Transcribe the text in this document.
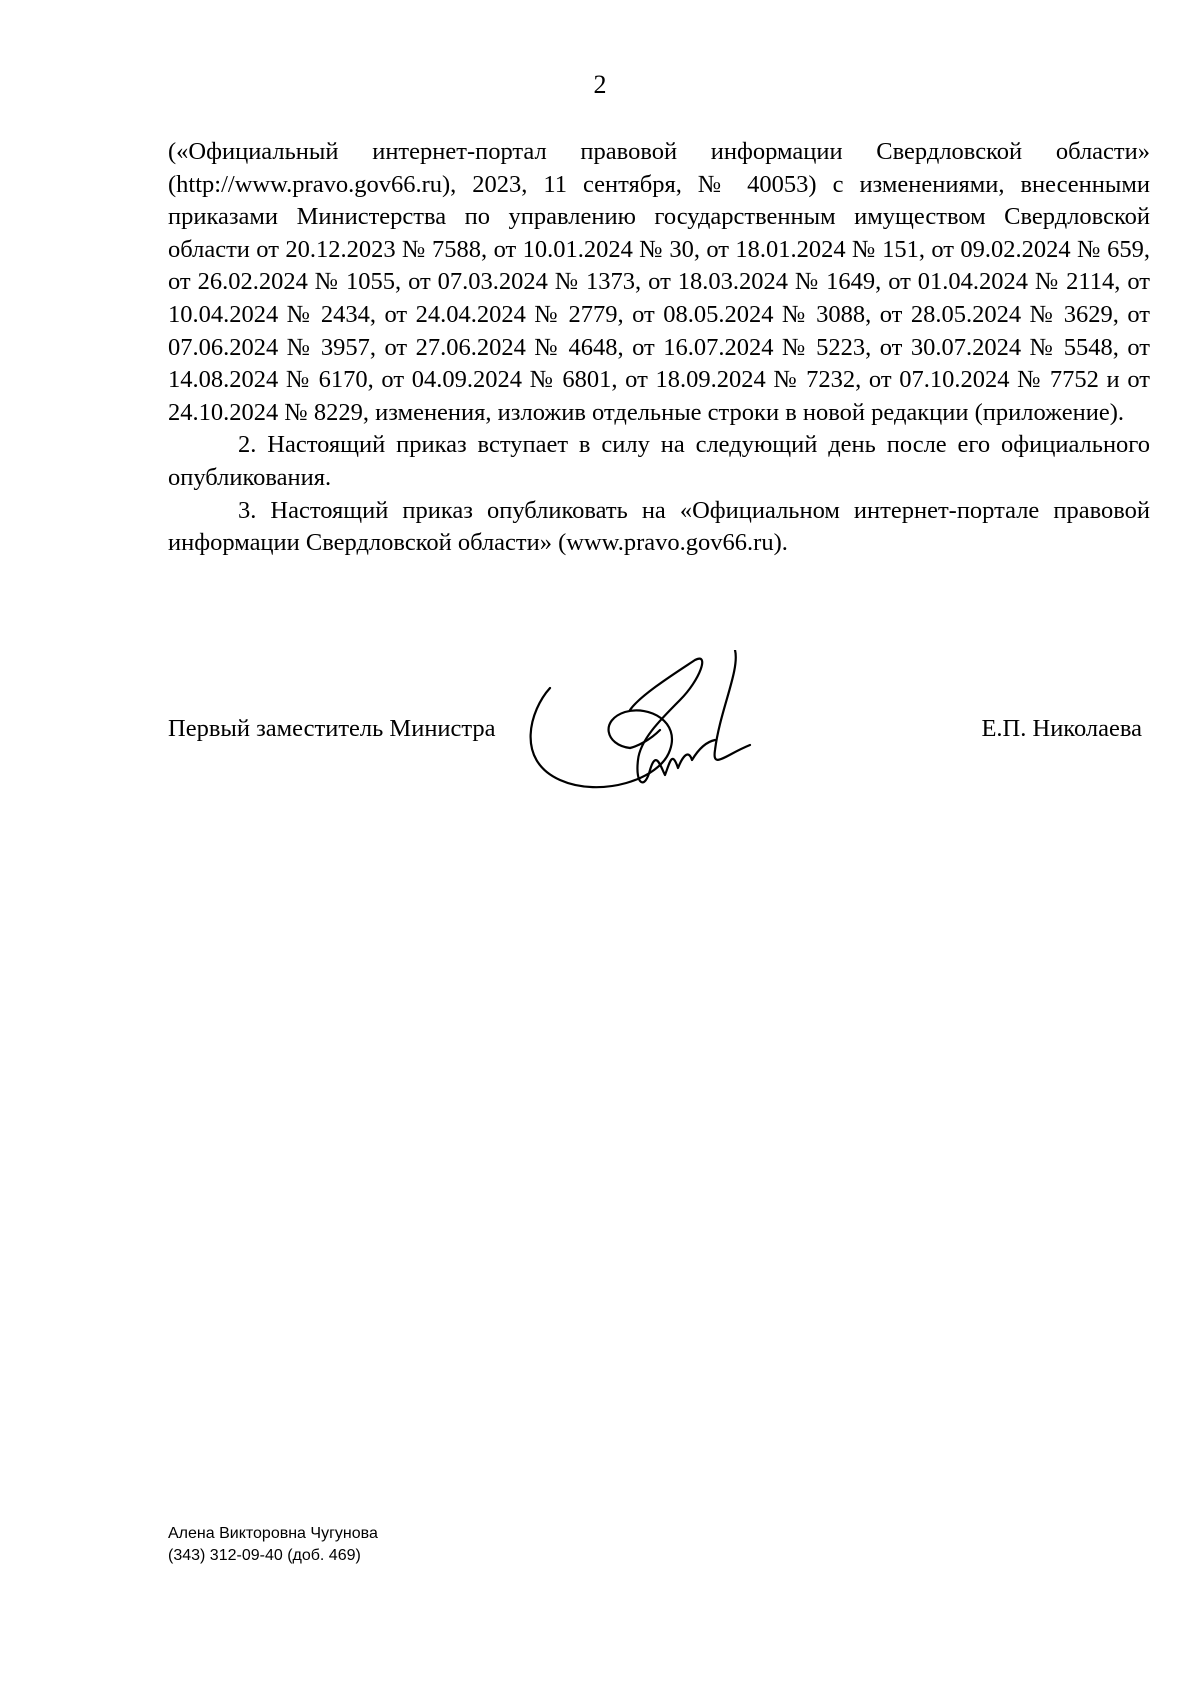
2

(«Официальный интернет-портал правовой информации Свердловской области» (http://www.pravo.gov66.ru), 2023, 11 сентября, № 40053) с изменениями, внесенными приказами Министерства по управлению государственным имуществом Свердловской области от 20.12.2023 № 7588, от 10.01.2024 № 30, от 18.01.2024 № 151, от 09.02.2024 № 659, от 26.02.2024 № 1055, от 07.03.2024 № 1373, от 18.03.2024 № 1649, от 01.04.2024 № 2114, от 10.04.2024 № 2434, от 24.04.2024 № 2779, от 08.05.2024 № 3088, от 28.05.2024 № 3629, от 07.06.2024 № 3957, от 27.06.2024 № 4648, от 16.07.2024 № 5223, от 30.07.2024 № 5548, от 14.08.2024 № 6170, от 04.09.2024 № 6801, от 18.09.2024 № 7232, от 07.10.2024 № 7752 и от 24.10.2024 № 8229, изменения, изложив отдельные строки в новой редакции (приложение).

2. Настоящий приказ вступает в силу на следующий день после его официального опубликования.

3. Настоящий приказ опубликовать на «Официальном интернет-портале правовой информации Свердловской области» (www.pravo.gov66.ru).

Первый заместитель Министра	Е.П. Николаева
Алена Викторовна Чугунова
(343) 312-09-40 (доб. 469)
